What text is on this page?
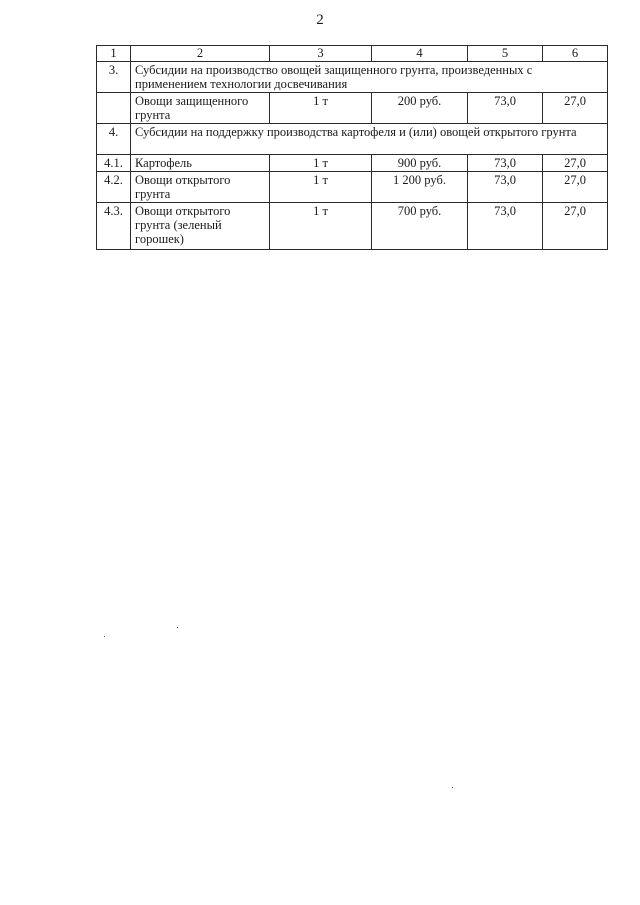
2
1	2	3	4	5	6
3.	Субсидии на производство овощей защищенного грунта, произведенных с применением технологии досвечивания				
	Овощи защищенного грунта	1 т	200 руб.	73,0	27,0
4.	Субсидии на поддержку производства картофеля и (или) овощей открытого грунта				
4.1.	Картофель	1 т	900 руб.	73,0	27,0
4.2.	Овощи открытого грунта	1 т	1 200 руб.	73,0	27,0
4.3.	Овощи открытого грунта (зеленый горошек)	1 т	700 руб.	73,0	27,0
